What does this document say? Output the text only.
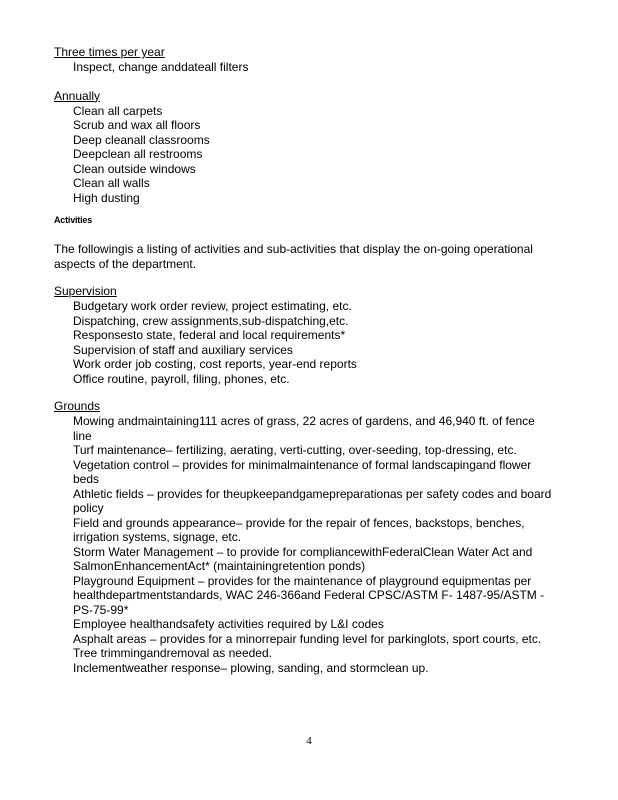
Three times per year
Inspect, change anddateall filters
Annually
Clean all carpets
Scrub and wax all floors
Deep cleanall classrooms
Deepclean all restrooms
Clean outside windows
Clean all walls
High dusting
Activities
The followingis a listing of activities and sub-activities that display the on-going operational aspects of the department.
Supervision
Budgetary work order review, project estimating, etc.
Dispatching, crew assignments,sub-dispatching,etc.
Responsesto state, federal and local requirements*
Supervision of staff and auxiliary services
Work order job costing, cost reports, year-end reports
Office routine, payroll, filing, phones, etc.
Grounds
Mowing andmaintaining111 acres of grass, 22 acres of gardens, and 46,940 ft. of fence line
Turf maintenance– fertilizing, aerating, verti-cutting, over-seeding, top-dressing, etc.
Vegetation control – provides for minimalmaintenance of formal landscapingand flower beds
Athletic fields – provides for theupkeepandgamepreparationas per safety codes and board policy
Field and grounds appearance– provide for the repair of fences, backstops, benches, irrigation systems, signage, etc.
Storm Water Management – to provide for compliancewithFederalClean Water Act and SalmonEnhancementAct* (maintainingretention ponds)
Playground Equipment – provides for the maintenance of playground equipmentas per healthdepartmentstandards, WAC 246-366and Federal CPSC/ASTM F- 1487-95/ASTM - PS-75-99*
Employee healthandsafety activities required by L&I codes
Asphalt areas – provides for a minorrepair funding level for parkinglots, sport courts, etc.
Tree trimmingandremoval as needed.
Inclementweather response– plowing, sanding, and stormclean up.
4
